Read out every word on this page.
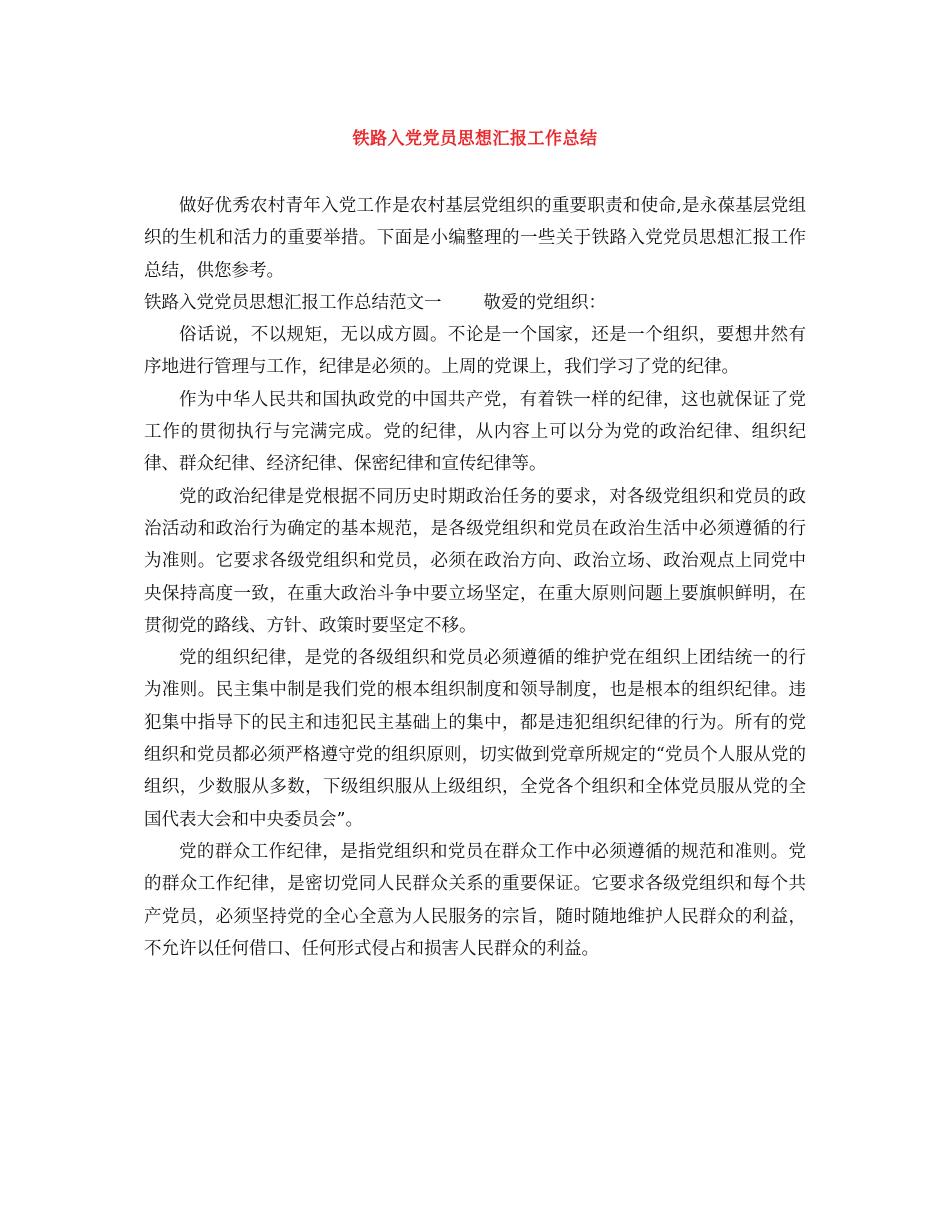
铁路入党党员思想汇报工作总结

做好优秀农村青年入党工作是农村基层党组织的重要职责和使命,是永葆基层党组织的生机和活力的重要举措。下面是小编整理的一些关于铁路入党党员思想汇报工作总结，供您参考。

铁路入党党员思想汇报工作总结范文一 敬爱的党组织：

俗话说，不以规矩，无以成方圆。不论是一个国家，还是一个组织，要想井然有序地进行管理与工作，纪律是必须的。上周的党课上，我们学习了党的纪律。

作为中华人民共和国执政党的中国共产党，有着铁一样的纪律，这也就保证了党工作的贯彻执行与完满完成。党的纪律，从内容上可以分为党的政治纪律、组织纪律、群众纪律、经济纪律、保密纪律和宣传纪律等。

党的政治纪律是党根据不同历史时期政治任务的要求，对各级党组织和党员的政治活动和政治行为确定的基本规范，是各级党组织和党员在政治生活中必须遵循的行为准则。它要求各级党组织和党员，必须在政治方向、政治立场、政治观点上同党中央保持高度一致，在重大政治斗争中要立场坚定，在重大原则问题上要旗帜鲜明，在贯彻党的路线、方针、政策时要坚定不移。

党的组织纪律，是党的各级组织和党员必须遵循的维护党在组织上团结统一的行为准则。民主集中制是我们党的根本组织制度和领导制度，也是根本的组织纪律。违犯集中指导下的民主和违犯民主基础上的集中，都是违犯组织纪律的行为。所有的党组织和党员都必须严格遵守党的组织原则，切实做到党章所规定的“党员个人服从党的组织，少数服从多数，下级组织服从上级组织，全党各个组织和全体党员服从党的全国代表大会和中央委员会”。

党的群众工作纪律，是指党组织和党员在群众工作中必须遵循的规范和准则。党的群众工作纪律，是密切党同人民群众关系的重要保证。它要求各级党组织和每个共产党员，必须坚持党的全心全意为人民服务的宗旨，随时随地维护人民群众的利益，不允许以任何借口、任何形式侵占和损害人民群众的利益。
